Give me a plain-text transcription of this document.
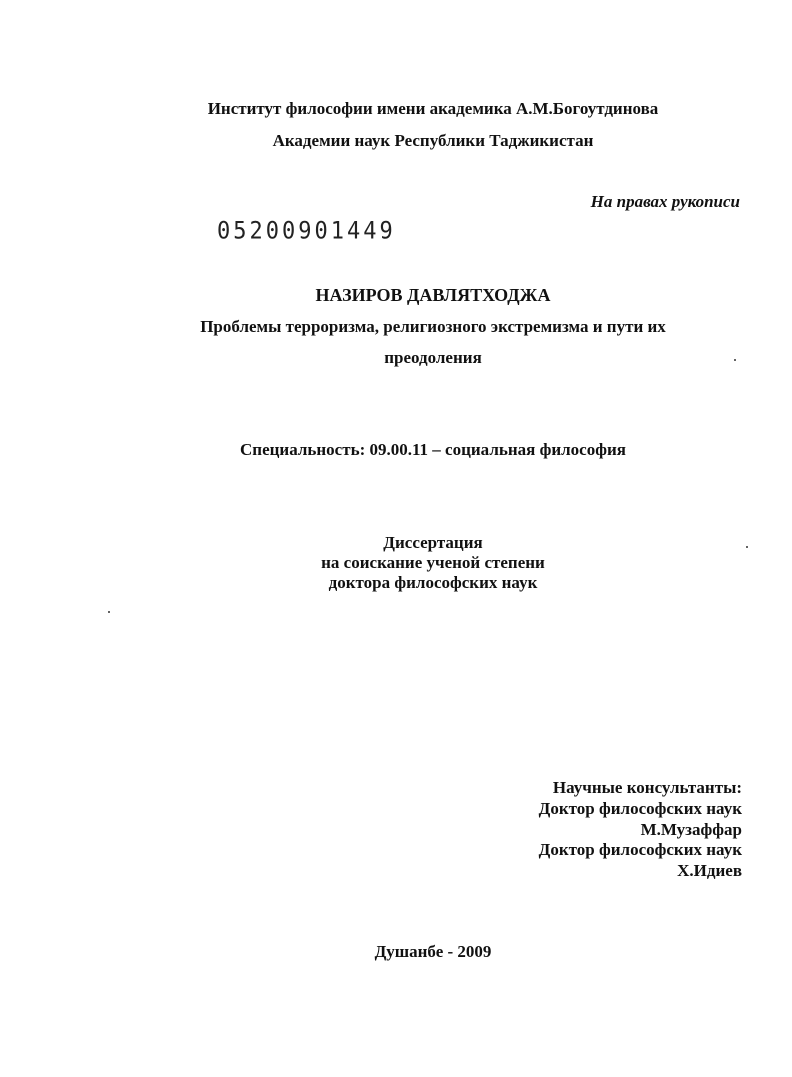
Институт философии имени академика А.М.Богоутдинова
Академии наук Республики Таджикистан
На правах рукописи
05200901449
НАЗИРОВ ДАВЛЯТХОДЖА
Проблемы терроризма, религиозного экстремизма и пути их
преодоления
Специальность: 09.00.11 – социальная философия
Диссертация
на соискание ученой степени
доктора философских наук
Научные консультанты:
Доктор философских наук
М.Музаффар
Доктор философских наук
Х.Идиев
Душанбе - 2009
